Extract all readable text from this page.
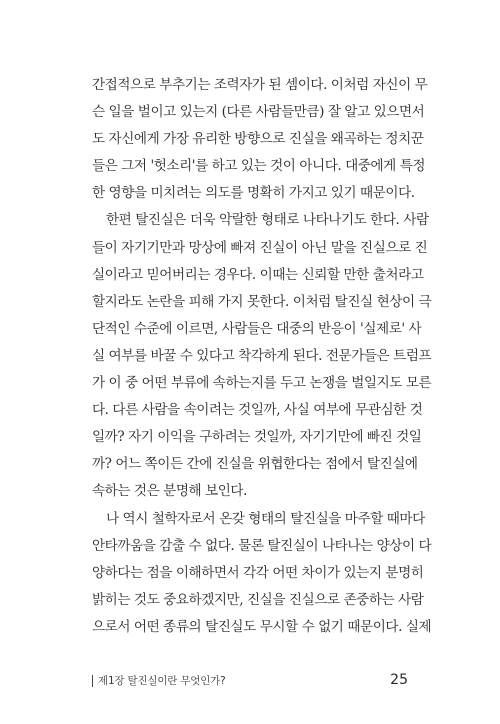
간접적으로 부추기는 조력자가 된 셈이다. 이처럼 자신이 무
슨 일을 벌이고 있는지 (다른 사람들만큼) 잘 알고 있으면서
도 자신에게 가장 유리한 방향으로 진실을 왜곡하는 정치꾼
들은 그저 '헛소리'를 하고 있는 것이 아니다. 대중에게 특정
한 영향을 미치려는 의도를 명확히 가지고 있기 때문이다.

한편 탈진실은 더욱 악랄한 형태로 나타나기도 한다. 사람
들이 자기기만과 망상에 빠져 진실이 아닌 말을 진실으로 진
실이라고 믿어버리는 경우다. 이때는 신뢰할 만한 출처라고
할지라도 논란을 피해 가지 못한다. 이처럼 탈진실 현상이 극
단적인 수준에 이르면, 사람들은 대중의 반응이 '실제로' 사
실 여부를 바꿀 수 있다고 착각하게 된다. 전문가들은 트럼프
가 이 중 어떤 부류에 속하는지를 두고 논쟁을 벌일지도 모른
다. 다른 사람을 속이려는 것일까, 사실 여부에 무관심한 것
일까? 자기 이익을 구하려는 것일까, 자기기만에 빠진 것일
까? 어느 쪽이든 간에 진실을 위협한다는 점에서 탈진실에
속하는 것은 분명해 보인다.

나 역시 철학자로서 온갖 형태의 탈진실을 마주할 때마다
안타까움을 감출 수 없다. 물론 탈진실이 나타나는 양상이 다
양하다는 점을 이해하면서 각각 어떤 차이가 있는지 분명히
밝히는 것도 중요하겠지만, 진실을 진실으로 존중하는 사람
으로서 어떤 종류의 탈진실도 무시할 수 없기 때문이다. 실제

제1장 탈진실이란 무엇인가?	25
